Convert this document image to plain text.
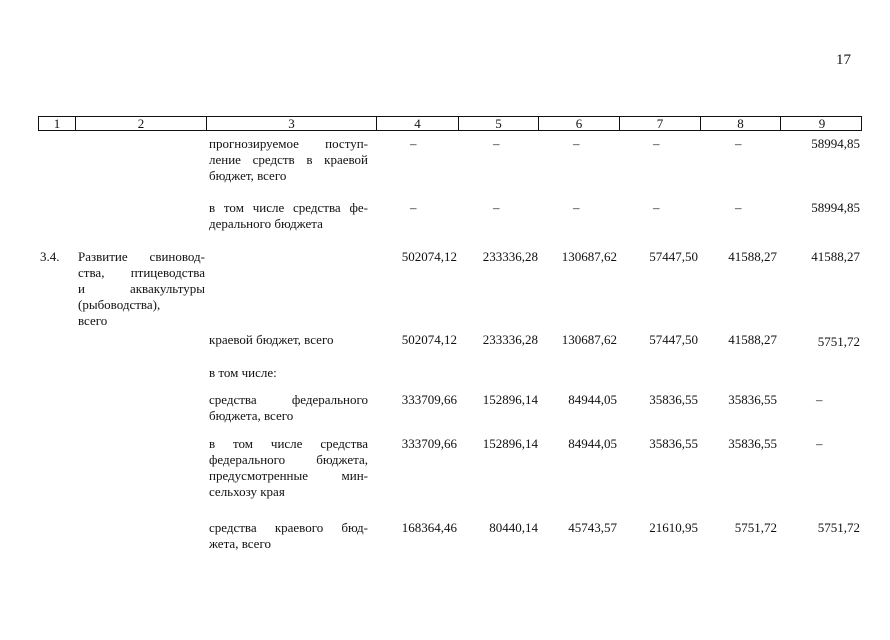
17
1	2	3	4	5	6	7	8	9
прогнозируемое поступ-
ление средств в краевой
бюджет, всего
–	–	–	–	–	58994,85
в том числе средства фе-
дерального бюджета
–	–	–	–	–	58994,85
3.4. Развитие свиновод-
ства, птицеводства
и аквакультуры
(рыбоводства),
всего
502074,12 233336,28 130687,62 57447,50 41588,27	41588,27
краевой бюджет, всего	502074,12 233336,28 130687,62 57447,50 41588,27	5751,72
в том числе:
средства федерального
бюджета, всего
333709,66 152896,14 84944,05 35836,55 35836,55	–
в том числе средства
федерального бюджета,
предусмотренные мин-
сельхозу края
333709,66 152896,14 84944,05 35836,55 35836,55	–
средства краевого бюд-
жета, всего
168364,46 80440,14 45743,57 21610,95	5751,72	5751,72
